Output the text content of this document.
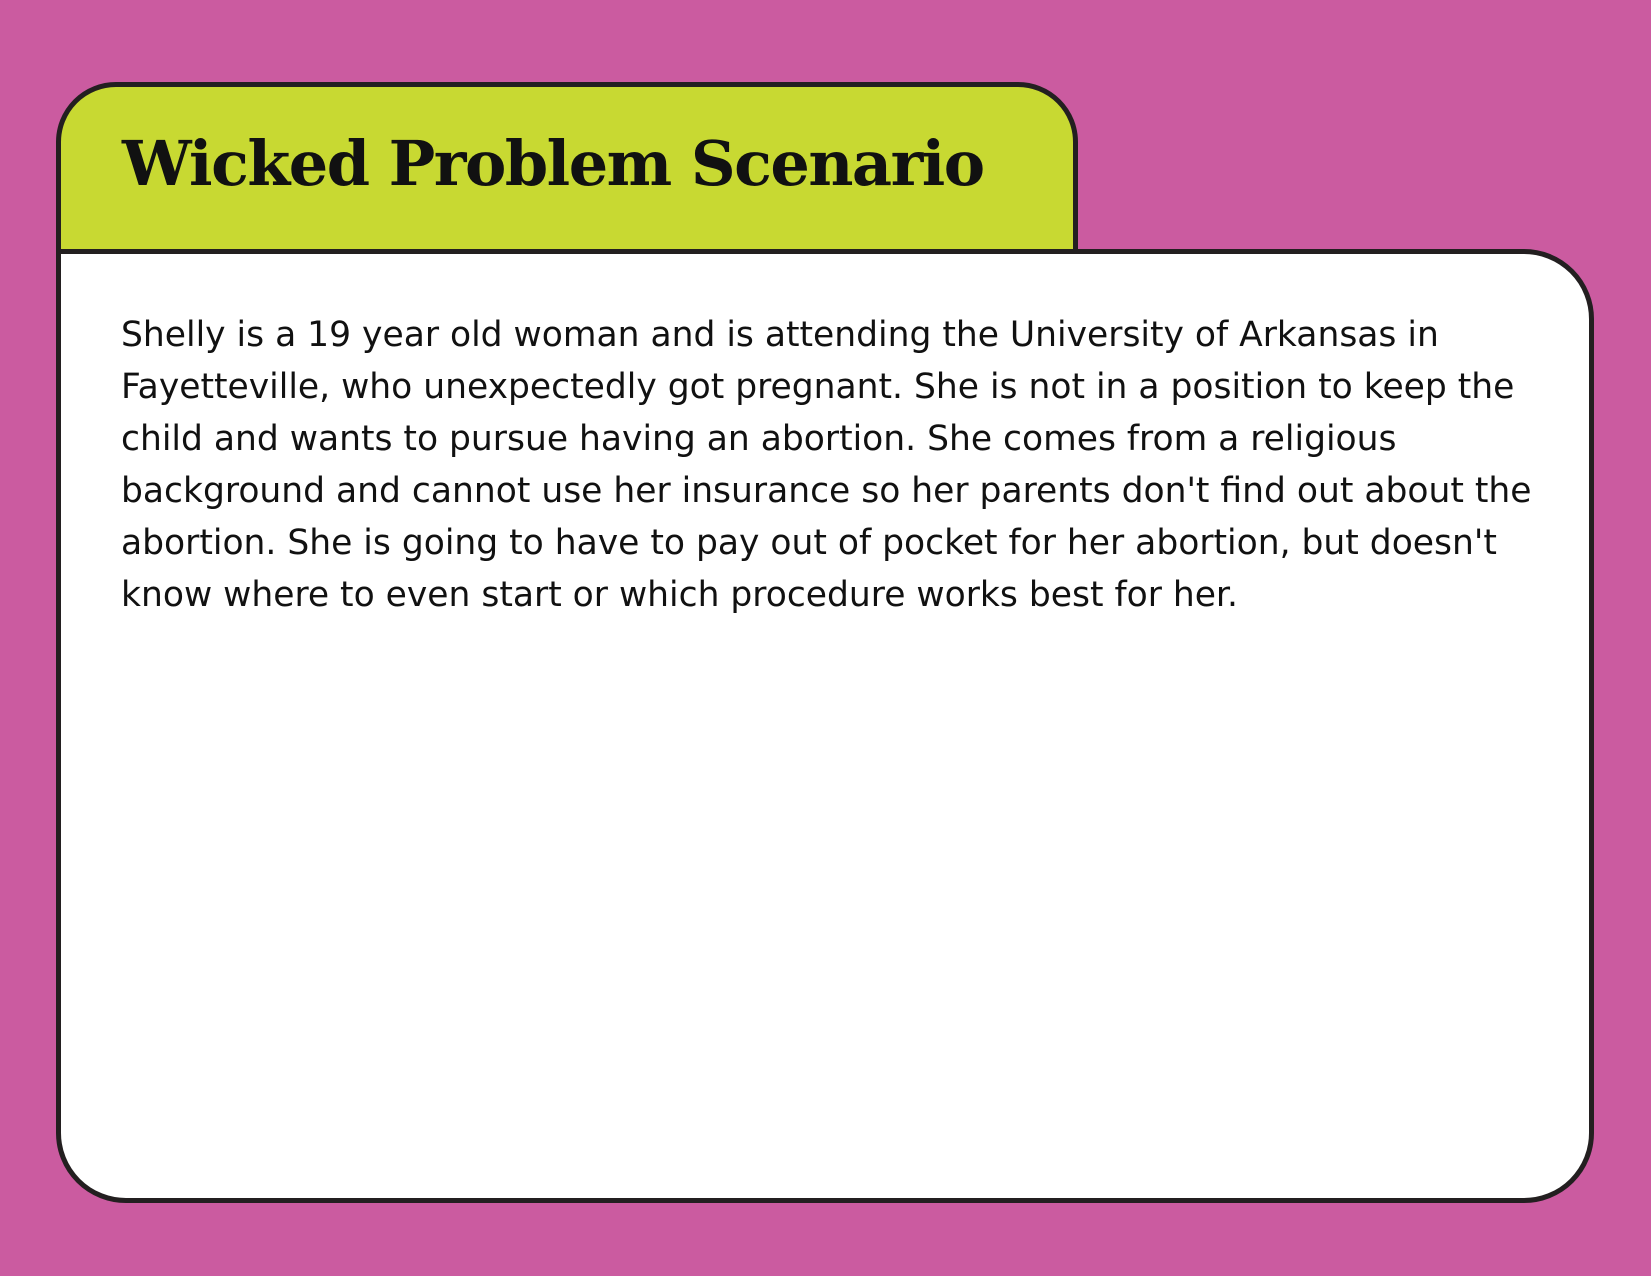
Wicked Problem Scenario

Shelly is a 19 year old woman and is attending the University of Arkansas in Fayetteville, who unexpectedly got pregnant. She is not in a position to keep the child and wants to pursue having an abortion. She comes from a religious background and cannot use her insurance so her parents don't find out about the abortion. She is going to have to pay out of pocket for her abortion, but doesn't know where to even start or which procedure works best for her.
